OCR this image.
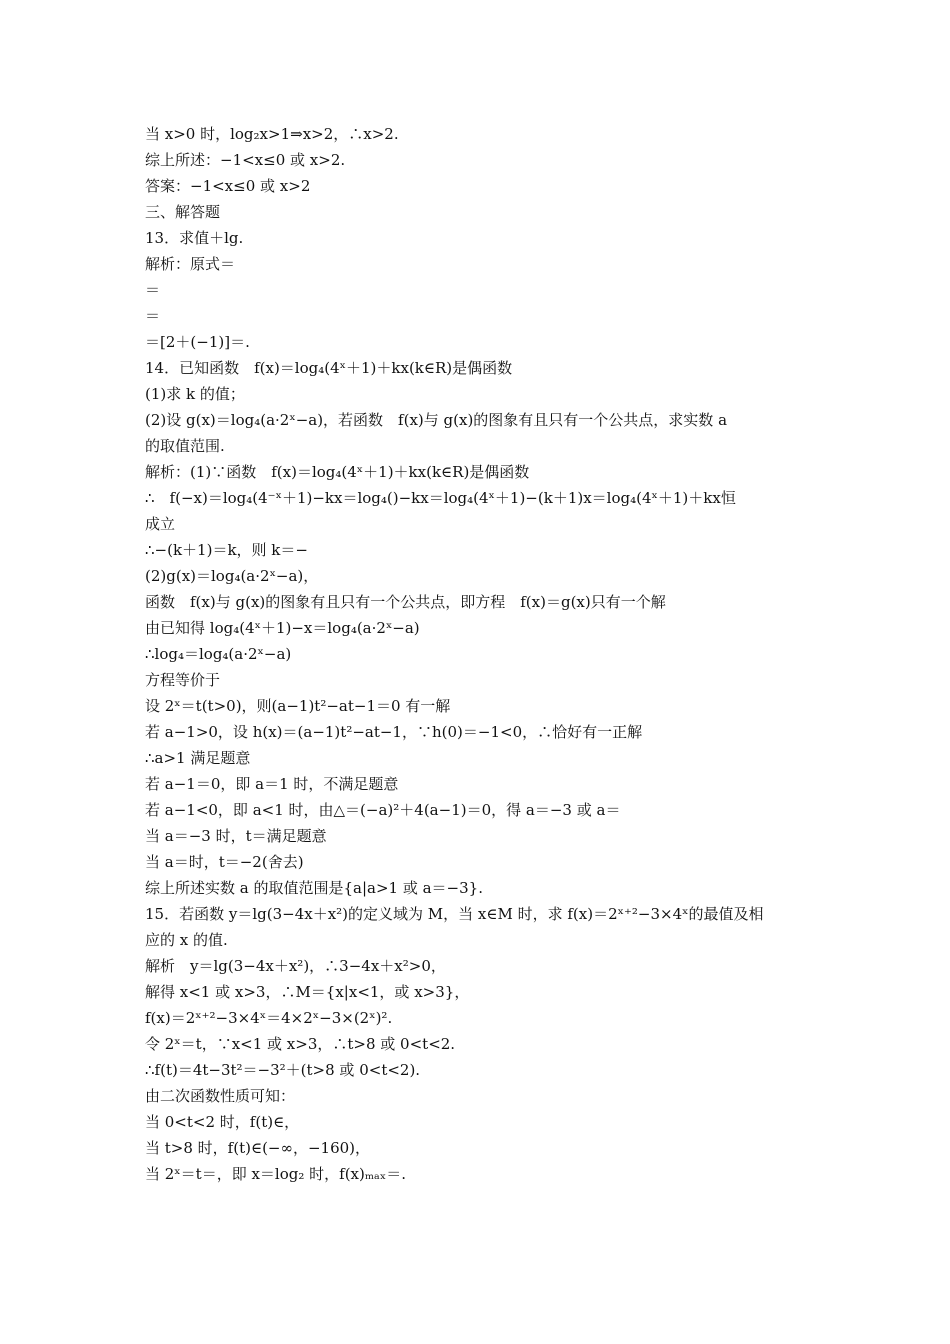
当 x>0 时，log₂x>1⇒x>2，∴x>2.
综上所述：−1<x≤0 或 x>2.
答案：−1<x≤0 或 x>2
三、解答题
13．求值＋lg.
解析：原式＝
＝
＝
＝[2＋(−1)]＝.
14．已知函数　f(x)＝log₄(4ˣ＋1)＋kx(k∈R)是偶函数
(1)求 k 的值；
(2)设 g(x)＝log₄(a·2ˣ−a)，若函数　f(x)与 g(x)的图象有且只有一个公共点，求实数 a
的取值范围.
解析：(1)∵函数　f(x)＝log₄(4ˣ＋1)＋kx(k∈R)是偶函数
∴　f(−x)＝log₄(4⁻ˣ＋1)−kx＝log₄()−kx＝log₄(4ˣ＋1)−(k＋1)x＝log₄(4ˣ＋1)＋kx恒
成立
∴−(k＋1)＝k，则 k＝−
(2)g(x)＝log₄(a·2ˣ−a)，
函数　f(x)与 g(x)的图象有且只有一个公共点，即方程　f(x)＝g(x)只有一个解
由已知得 log₄(4ˣ＋1)−x＝log₄(a·2ˣ−a)
∴log₄＝log₄(a·2ˣ−a)
方程等价于
设 2ˣ＝t(t>0)，则(a−1)t²−at−1＝0 有一解
若 a−1>0，设 h(x)＝(a−1)t²−at−1，∵h(0)＝−1<0，∴恰好有一正解
∴a>1 满足题意
若 a−1＝0，即 a＝1 时，不满足题意
若 a−1<0，即 a<1 时，由△＝(−a)²＋4(a−1)＝0，得 a＝−3 或 a＝
当 a＝−3 时，t＝满足题意
当 a＝时，t＝−2(舍去)
综上所述实数 a 的取值范围是{a|a>1 或 a＝−3}.
15．若函数 y＝lg(3−4x＋x²)的定义域为 M，当 x∈M 时，求 f(x)＝2ˣ⁺²−3×4ˣ的最值及相
应的 x 的值.
解析　y＝lg(3−4x＋x²)，∴3−4x＋x²>0，
解得 x<1 或 x>3，∴M＝{x|x<1，或 x>3}，
f(x)＝2ˣ⁺²−3×4ˣ＝4×2ˣ−3×(2ˣ)².
令 2ˣ＝t，∵x<1 或 x>3，∴t>8 或 0<t<2.
∴f(t)＝4t−3t²＝−3²＋(t>8 或 0<t<2).
由二次函数性质可知：
当 0<t<2 时，f(t)∈，
当 t>8 时，f(t)∈(−∞，−160)，
当 2ˣ＝t＝，即 x＝log₂ 时，f(x)ₘₐₓ＝.
